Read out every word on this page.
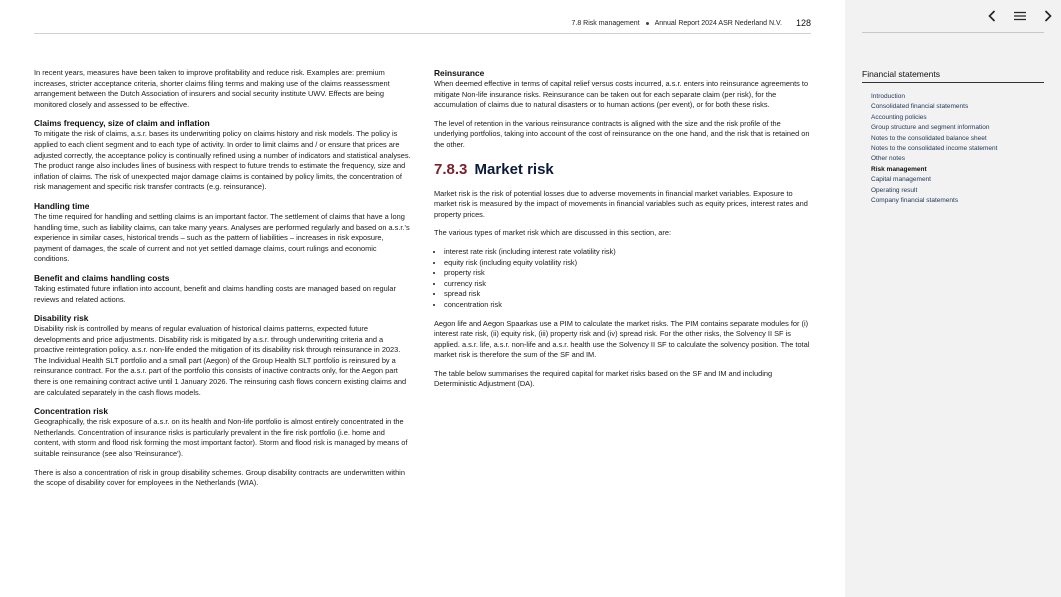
7.8 Risk management Annual Report 2024 ASR Nederland N.V. 128

In recent years, measures have been taken to improve profitability and reduce risk. Examples are: premium increases, stricter acceptance criteria, shorter claims filing terms and making use of the claims reassessment arrangement between the Dutch Association of insurers and social security institute UWV. Effects are being monitored closely and assessed to be effective.

Claims frequency, size of claim and inflation

To mitigate the risk of claims, a.s.r. bases its underwriting policy on claims history and risk models. The policy is applied to each client segment and to each type of activity. In order to limit claims and / or ensure that prices are adjusted correctly, the acceptance policy is continually refined using a number of indicators and statistical analyses. The product range also includes lines of business with respect to future trends to estimate the frequency, size and inflation of claims. The risk of unexpected major damage claims is contained by policy limits, the concentration of risk management and specific risk transfer contracts (e.g. reinsurance).

Handling time

The time required for handling and settling claims is an important factor. The settlement of claims that have a long handling time, such as liability claims, can take many years. Analyses are performed regularly and based on a.s.r.'s experience in similar cases, historical trends – such as the pattern of liabilities – increases in risk exposure, payment of damages, the scale of current and not yet settled damage claims, court rulings and economic conditions.

Benefit and claims handling costs

Taking estimated future inflation into account, benefit and claims handling costs are managed based on regular reviews and related actions.

Disability risk

Disability risk is controlled by means of regular evaluation of historical claims patterns, expected future developments and price adjustments. Disability risk is mitigated by a.s.r. through underwriting criteria and a proactive reintegration policy. a.s.r. non-life ended the mitigation of its disability risk through reinsurance in 2023. The Individual Health SLT portfolio and a small part (Aegon) of the Group Health SLT portfolio is reinsured by a reinsurance contract. For the a.s.r. part of the portfolio this consists of inactive contracts only, for the Aegon part there is one remaining contract active until 1 January 2026. The reinsuring cash flows concern existing claims and are calculated separately in the cash flows models.

Concentration risk

Geographically, the risk exposure of a.s.r. on its health and Non-life portfolio is almost entirely concentrated in the Netherlands. Concentration of insurance risks is particularly prevalent in the fire risk portfolio (i.e. home and content, with storm and flood risk forming the most important factor). Storm and flood risk is managed by means of suitable reinsurance (see also 'Reinsurance').

There is also a concentration of risk in group disability schemes. Group disability contracts are underwritten within the scope of disability cover for employees in the Netherlands (WIA).

Reinsurance

When deemed effective in terms of capital relief versus costs incurred, a.s.r. enters into reinsurance agreements to mitigate Non-life insurance risks. Reinsurance can be taken out for each separate claim (per risk), for the accumulation of claims due to natural disasters or to human actions (per event), or for both these risks.

The level of retention in the various reinsurance contracts is aligned with the size and the risk profile of the underlying portfolios, taking into account of the cost of reinsurance on the one hand, and the risk that is retained on the other.

7.8.3 Market risk

Market risk is the risk of potential losses due to adverse movements in financial market variables. Exposure to market risk is measured by the impact of movements in financial variables such as equity prices, interest rates and property prices.

The various types of market risk which are discussed in this section, are:

• interest rate risk (including interest rate volatility risk)
• equity risk (including equity volatility risk)
• property risk
• currency risk
• spread risk
• concentration risk

Aegon life and Aegon Spaarkas use a PIM to calculate the market risks. The PIM contains separate modules for (i) interest rate risk, (ii) equity risk, (iii) property risk and (iv) spread risk. For the other risks, the Solvency II SF is applied. a.s.r. life, a.s.r. non-life and a.s.r. health use the Solvency II SF to calculate the solvency position. The total market risk is therefore the sum of the SF and IM.

The table below summarises the required capital for market risks based on the SF and IM and including Deterministic Adjustment (DA).

Financial statements
Introduction
Consolidated financial statements
Accounting policies
Group structure and segment information
Notes to the consolidated balance sheet
Notes to the consolidated income statement
Other notes
Risk management
Capital management
Operating result
Company financial statements
